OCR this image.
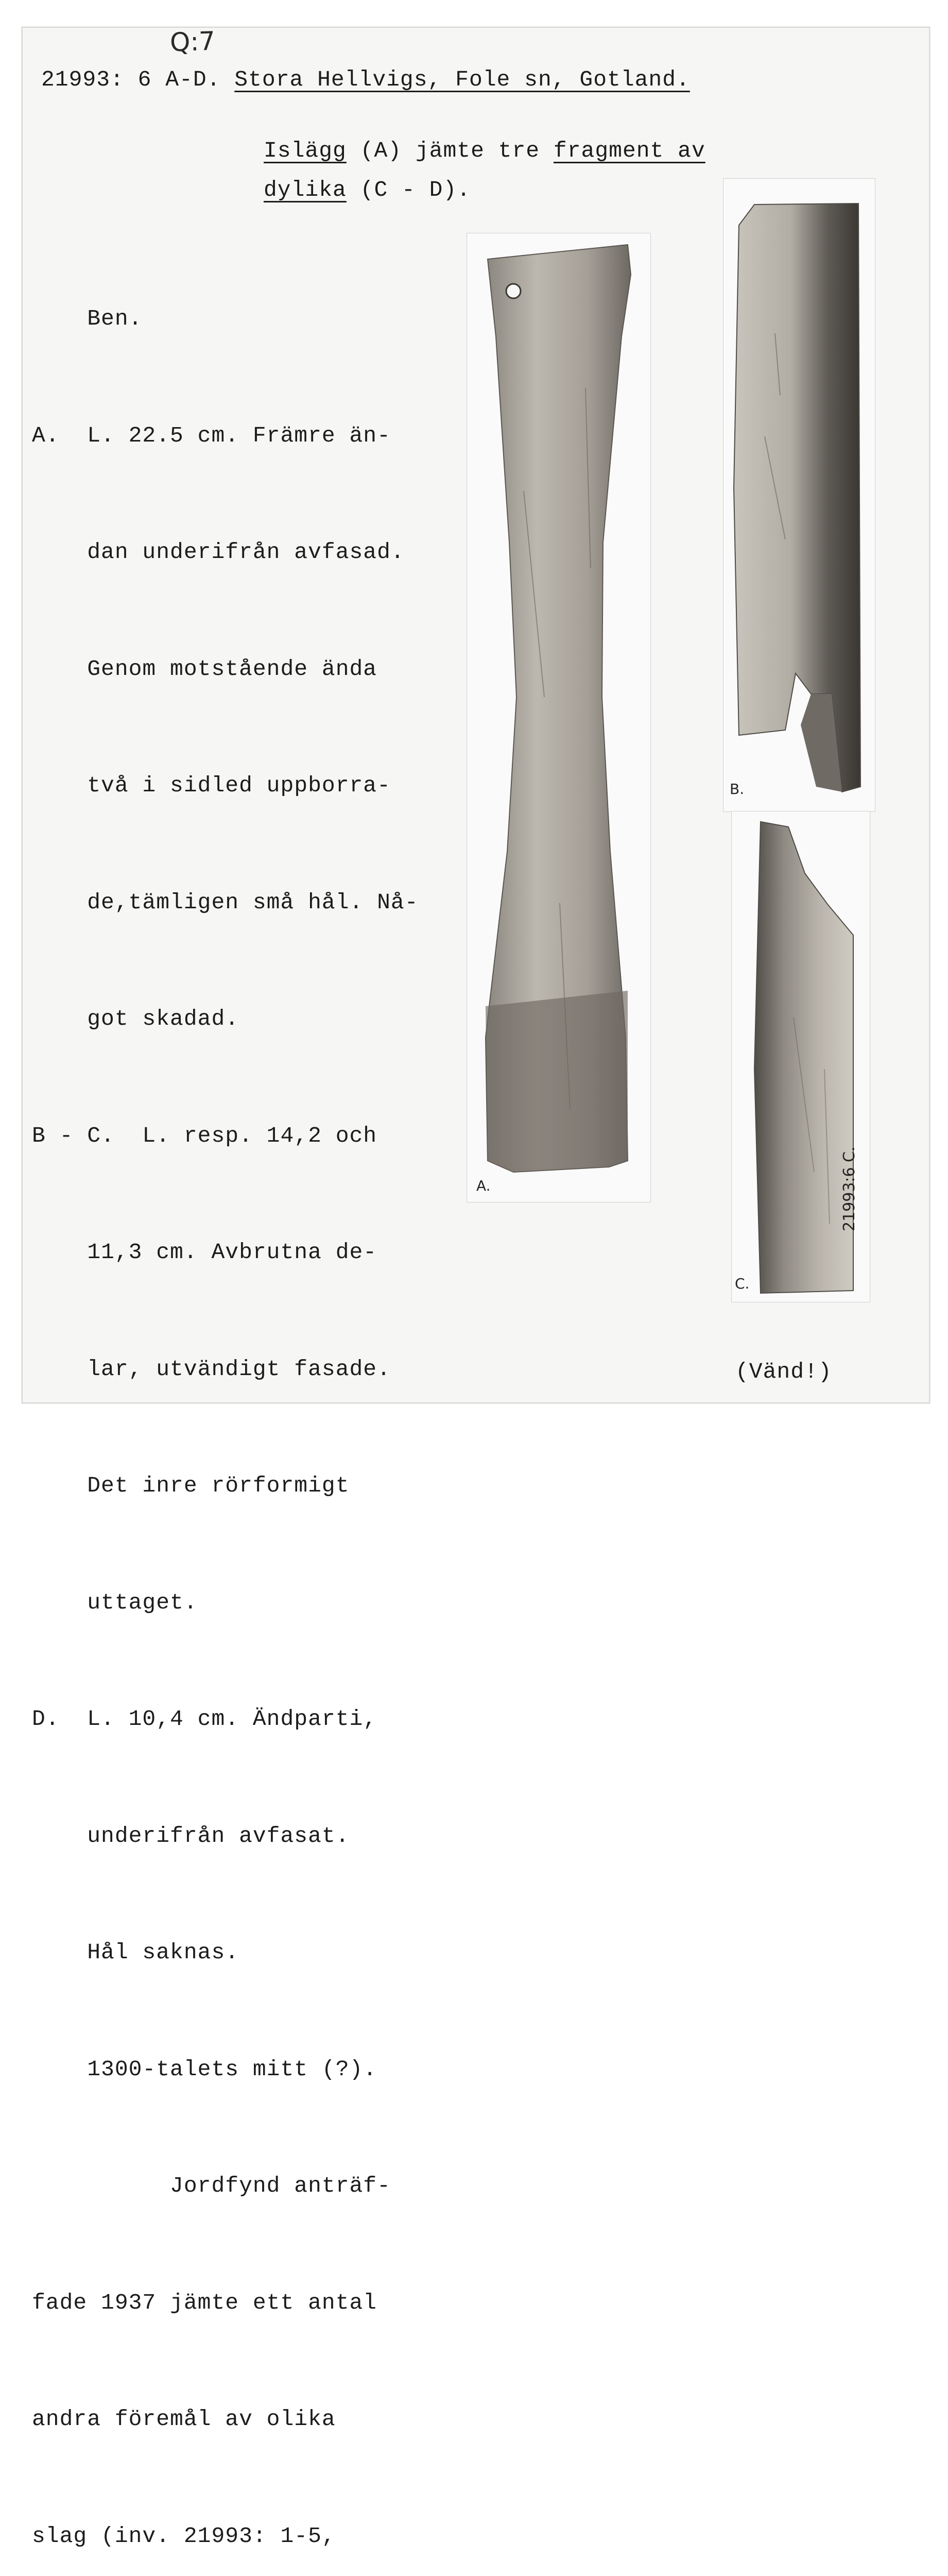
Q:7
21993: 6 A-D. Stora Hellvigs, Fole sn, Gotland.
Islägg (A) jämte tre fragment av
dylika (C - D).

Ben.

A.  L. 22.5 cm. Främre än-

dan underifrån avfasad.

Genom motstående ända

två i sidled uppborra-

de,tämligen små hål. Nå-

got skadad.

B - C.  L. resp. 14,2 och

11,3 cm. Avbrutna de-

lar, utvändigt fasade.

Det inre rörformigt

uttaget.

D.  L. 10,4 cm. Ändparti,

underifrån avfasat.

Hål saknas.

1300-talets mitt (?).

Jordfynd anträf-

fade 1937 jämte ett antal

andra föremål av olika

slag (inv. 21993: 1-5,

A.
B.
C.
21993:6 C.
(Vänd!)
